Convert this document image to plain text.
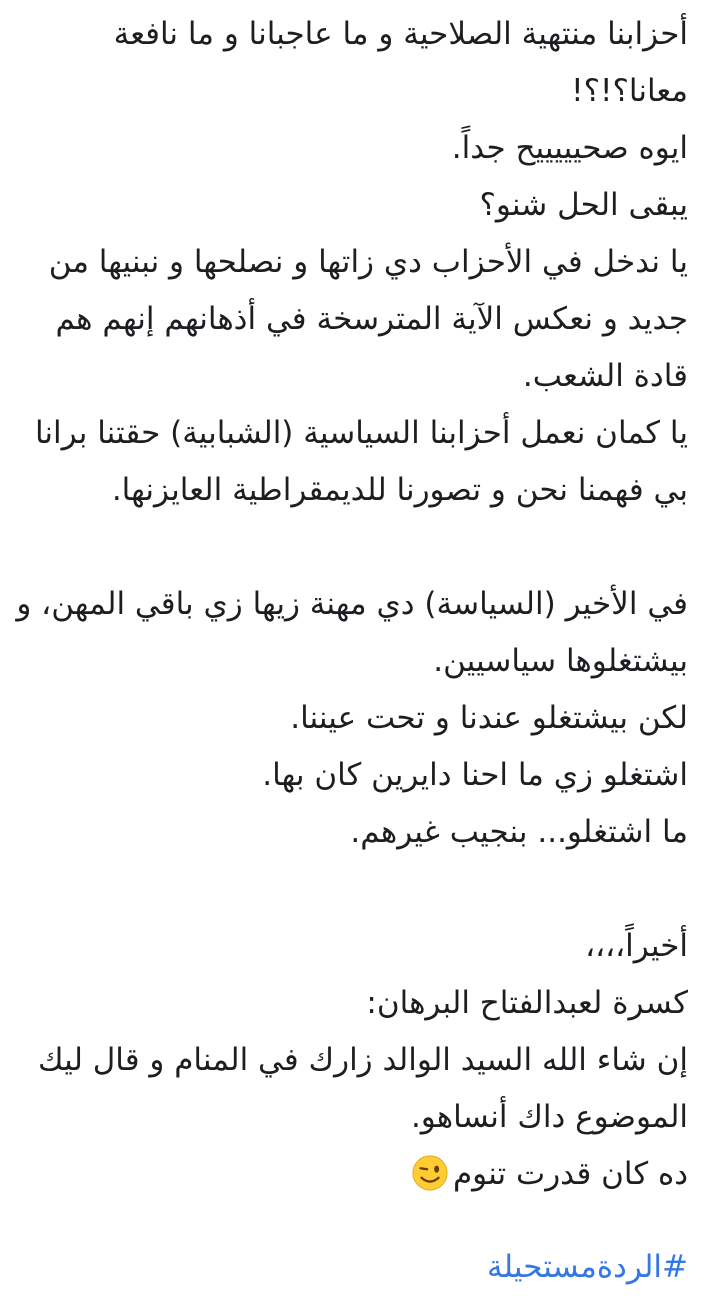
أحزابنا منتهية الصلاحية و ما عاجبانا و ما نافعة
معانا؟!؟!
ايوه صحيييييح جداً.
يبقى الحل شنو؟
يا ندخل في الأحزاب دي زاتها و نصلحها و نبنيها من
جديد و نعكس الآية المترسخة في أذهانهم إنهم هم
قادة الشعب.
يا كمان نعمل أحزابنا السياسية (الشبابية) حقتنا برانا
بي فهمنا نحن و تصورنا للديمقراطية العايزنها.
في الأخير (السياسة) دي مهنة زيها زي باقي المهن، و
بيشتغلوها سياسيين.
لكن بيشتغلو عندنا و تحت عيننا.
اشتغلو زي ما احنا دايرين كان بها.
ما اشتغلو... بنجيب غيرهم.
أخيراً،،،،
كسرة لعبدالفتاح البرهان:
إن شاء الله السيد الوالد زارك في المنام و قال ليك
الموضوع داك أنساهو.
ده كان قدرت تنوم
#الردةمستحيلة
